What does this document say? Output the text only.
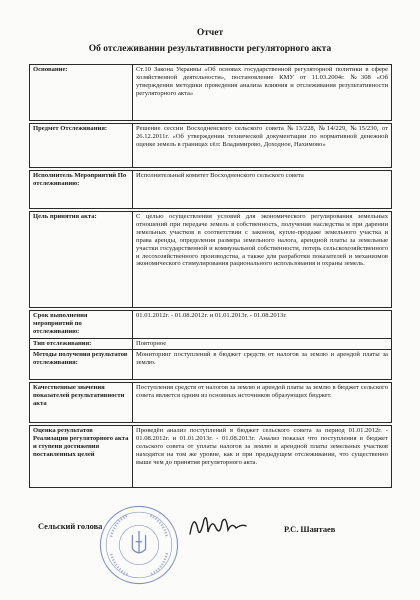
Отчет
Об отслеживании результативности регуляторного акта
Основание:	Ст.10 Закона Украины «Об основах государственной регуляторной политики в сфере хозяйственной деятельности», постановление КМУ от 11.03.2004г. №308 «Об утверждении методики проведения анализа влияния и отслеживания результативности регуляторного акта»

Предмет Отслеживания:	Решение сессии Восходненского сельского совета №13/228, №14/229, №15/230, от 26.12.2011г. «Об утверждении технической документации по нормативной денежной оценке земель в границах сёл: Владимирово, Доходное, Нахимово»

Исполнитель Мероприятий По отслеживанию:	Исполнительный комитет Восходненского сельского совета

Цель принятия акта:	С целью осуществления условий для экономического регулирования земельных отношений при передаче земель в собственность, получения наследства и при дарении земельных участков в соответствии с законом, купле-продаже земельного участка и права аренды, определения размера земельного налога, арендной платы за земельные участки государственной и коммунальной собственности, потерь сельскохозяйственного и лесохозяйственного производства, а также для разработки показателей и механизмов экономического стимулирования рационального использования и охраны земель.

Срок выполнения мероприятий по отслеживанию:	01.01.2012г. - 01.08.2012г. и 01.01.2013г. - 01.08.2013г.
Тип отслеживания:	Повторное
Методы получения результатов отслеживания:	Мониторинг поступлений в бюджет средств от налогов за землю и арендой платы за землю.

Качественные значения показателей результативности акта	Поступления средств от налогов за землю и арендой платы за землю в бюджет сельского совета является одним из основных источников образующих бюджет.

Оценка результатов Реализации регуляторного акта и ступени достижения поставленных целей	Проведён анализ поступлений в бюджет сельского совета за период 01.01.2012г. - 01.08.2012г. и 01.01.2013г. - 01.08.2013г. Анализ показал что поступления в бюджет сельского совета от уплаты налогов за землю и арендной платы земельных участков находятся на том же уровне, как и при предыдущем отслеживании, что существенно выше чем до принятия регуляторного акта.
Сельский голова	Р.С. Шантаев
